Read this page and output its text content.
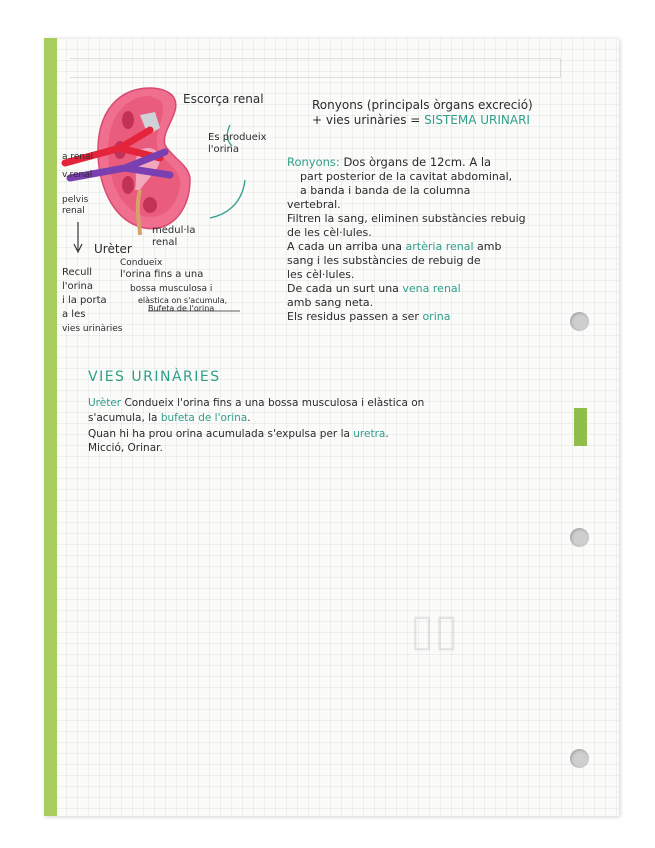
▯▯
Escorça renal
Es produeix l'orina
a.renal
v.renal
pelvis renal
medul·la renal
Urèter
Condueix
Recull
l'orina
i la porta
a les
vies urinàries
l'orina fins a una
bossa musculosa i
elàstica on s'acumula,
Bufeta de l'orina
Ronyons (principals òrgans excreció)
+ vies urinàries = SISTEMA URINARI
Ronyons: Dos òrgans de 12cm. A la
part posterior de la cavitat abdominal,
a banda i banda de la columna
vertebral.
Filtren la sang, eliminen substàncies rebuig
de les cèl·lules.
A cada un arriba una artèria renal amb
sang i les substàncies de rebuig de
les cèl·lules.
De cada un surt una vena renal
amb sang neta.
Els residus passen a ser orina
VIES URINÀRIES
Urèter Condueix l'orina fins a una bossa musculosa i elàstica on
s'acumula, la bufeta de l'orina.
Quan hi ha prou orina acumulada s'expulsa per la uretra.
Micció, Orinar.
